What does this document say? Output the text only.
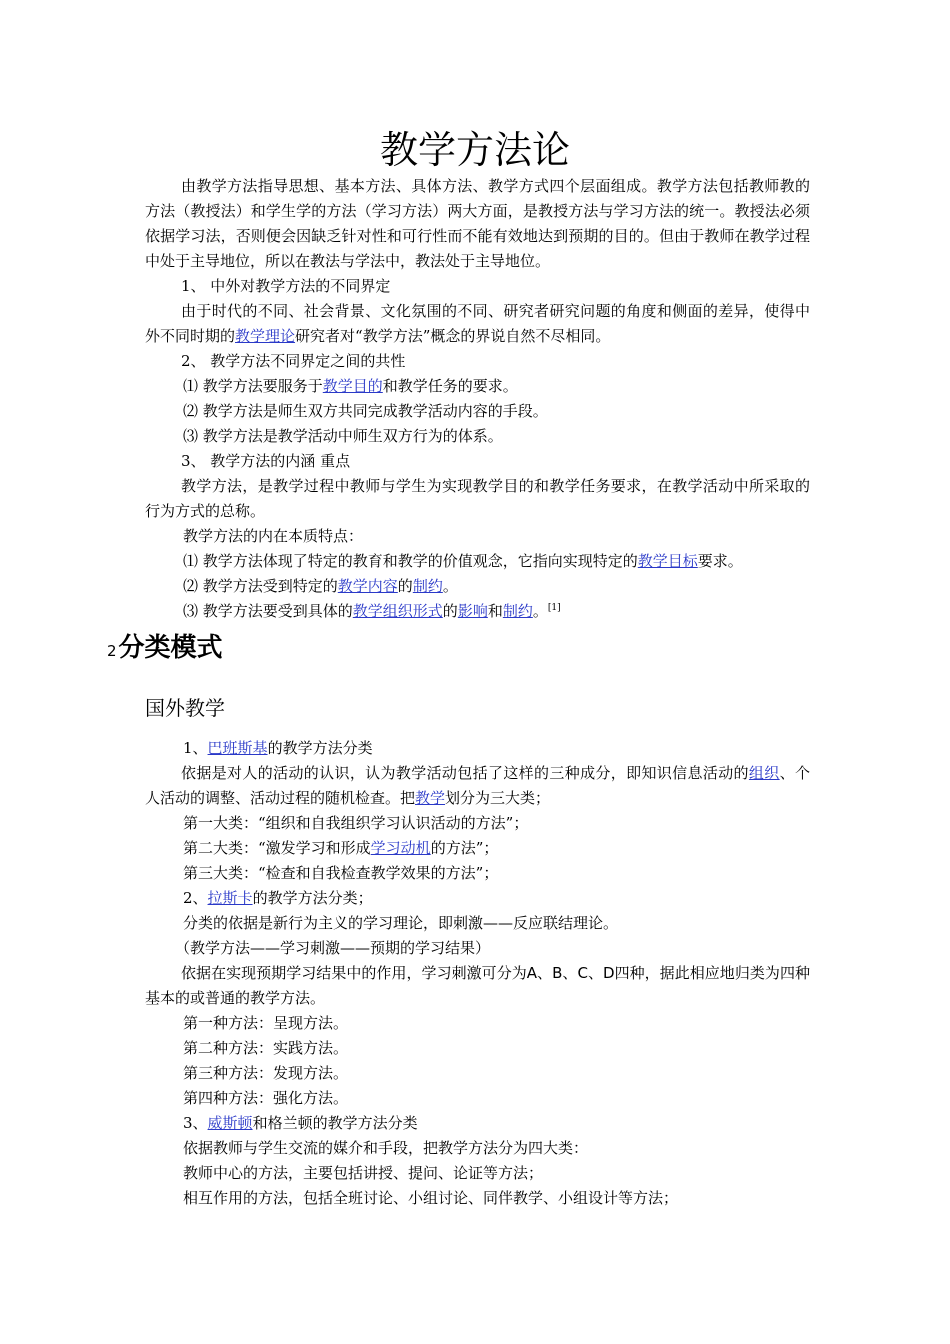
教学方法论

由教学方法指导思想、基本方法、具体方法、教学方式四个层面组成。教学方法包括教师教的方法（教授法）和学生学的方法（学习方法）两大方面，是教授方法与学习方法的统一。教授法必须依据学习法，否则便会因缺乏针对性和可行性而不能有效地达到预期的目的。但由于教师在教学过程中处于主导地位，所以在教法与学法中，教法处于主导地位。

1、 中外对教学方法的不同界定

由于时代的不同、社会背景、文化氛围的不同、研究者研究问题的角度和侧面的差异，使得中外不同时期的教学理论研究者对“教学方法”概念的界说自然不尽相同。

2、 教学方法不同界定之间的共性

⑴ 教学方法要服务于教学目的和教学任务的要求。

⑵ 教学方法是师生双方共同完成教学活动内容的手段。

⑶ 教学方法是教学活动中师生双方行为的体系。

3、 教学方法的内涵 重点

教学方法，是教学过程中教师与学生为实现教学目的和教学任务要求，在教学活动中所采取的行为方式的总称。

教学方法的内在本质特点：

⑴ 教学方法体现了特定的教育和教学的价值观念，它指向实现特定的教学目标要求。

⑵ 教学方法受到特定的教学内容的制约。

⑶ 教学方法要受到具体的教学组织形式的影响和制约。[1]

2分类模式
国外教学

1、巴班斯基的教学方法分类

依据是对人的活动的认识，认为教学活动包括了这样的三种成分，即知识信息活动的组织、个人活动的调整、活动过程的随机检查。把教学划分为三大类；

第一大类：“组织和自我组织学习认识活动的方法”；

第二大类：“激发学习和形成学习动机的方法”；

第三大类：“检查和自我检查教学效果的方法”；

2、拉斯卡的教学方法分类；

分类的依据是新行为主义的学习理论，即刺激——反应联结理论。

（教学方法——学习刺激——预期的学习结果）

依据在实现预期学习结果中的作用，学习刺激可分为A、B、C、D四种，据此相应地归类为四种基本的或普通的教学方法。

第一种方法：呈现方法。

第二种方法：实践方法。

第三种方法：发现方法。

第四种方法：强化方法。

3、威斯顿和格兰顿的教学方法分类

依据教师与学生交流的媒介和手段，把教学方法分为四大类：

教师中心的方法，主要包括讲授、提问、论证等方法；

相互作用的方法，包括全班讨论、小组讨论、同伴教学、小组设计等方法；
